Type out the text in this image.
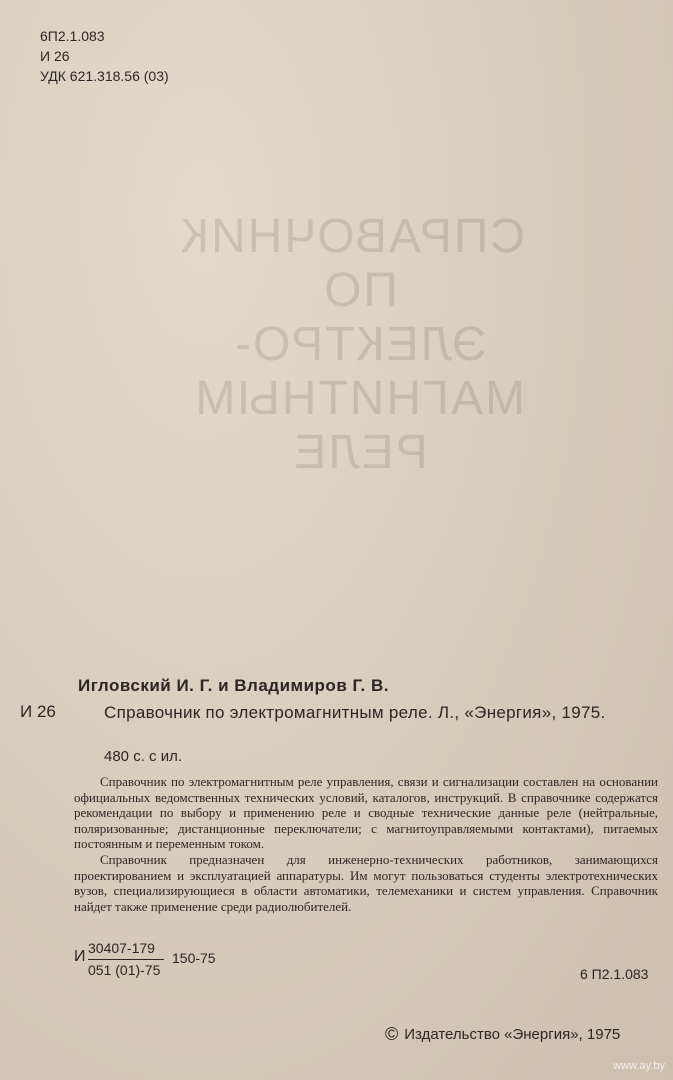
6П2.1.083
И 26
УДК 621.318.56 (03)
СПРАВОЧНИК
ПО ЭЛЕКТРО-
МАГНИТНЫМ
РЕЛЕ
Игловский И. Г. и Владимиров Г. В.
И 26	Справочник по электромагнитным реле. Л., «Энергия», 1975.
480 с. с ил.

Справочник по электромагнитным реле управления, связи и сигнализации составлен на основании официальных ведомственных технических условий, каталогов, инструкций. В справочнике содержатся рекомендации по выбору и применению реле и сводные технические данные реле (нейтральные, поляризованные; дистанционные переключатели; с магнитоуправляемыми контактами), питаемых постоянным и переменным током.

Справочник предназначен для инженерно-технических работников, занимающихся проектированием и эксплуатацией аппаратуры. Им могут пользоваться студенты электротехнических вузов, специализирующиеся в области автоматики, телемеханики и систем управления. Справочник найдет также применение среди радиолюбителей.

И 30407-179
051 (01)-75
150-75
6 П2.1.083
© Издательство «Энергия», 1975
www.ay.by
